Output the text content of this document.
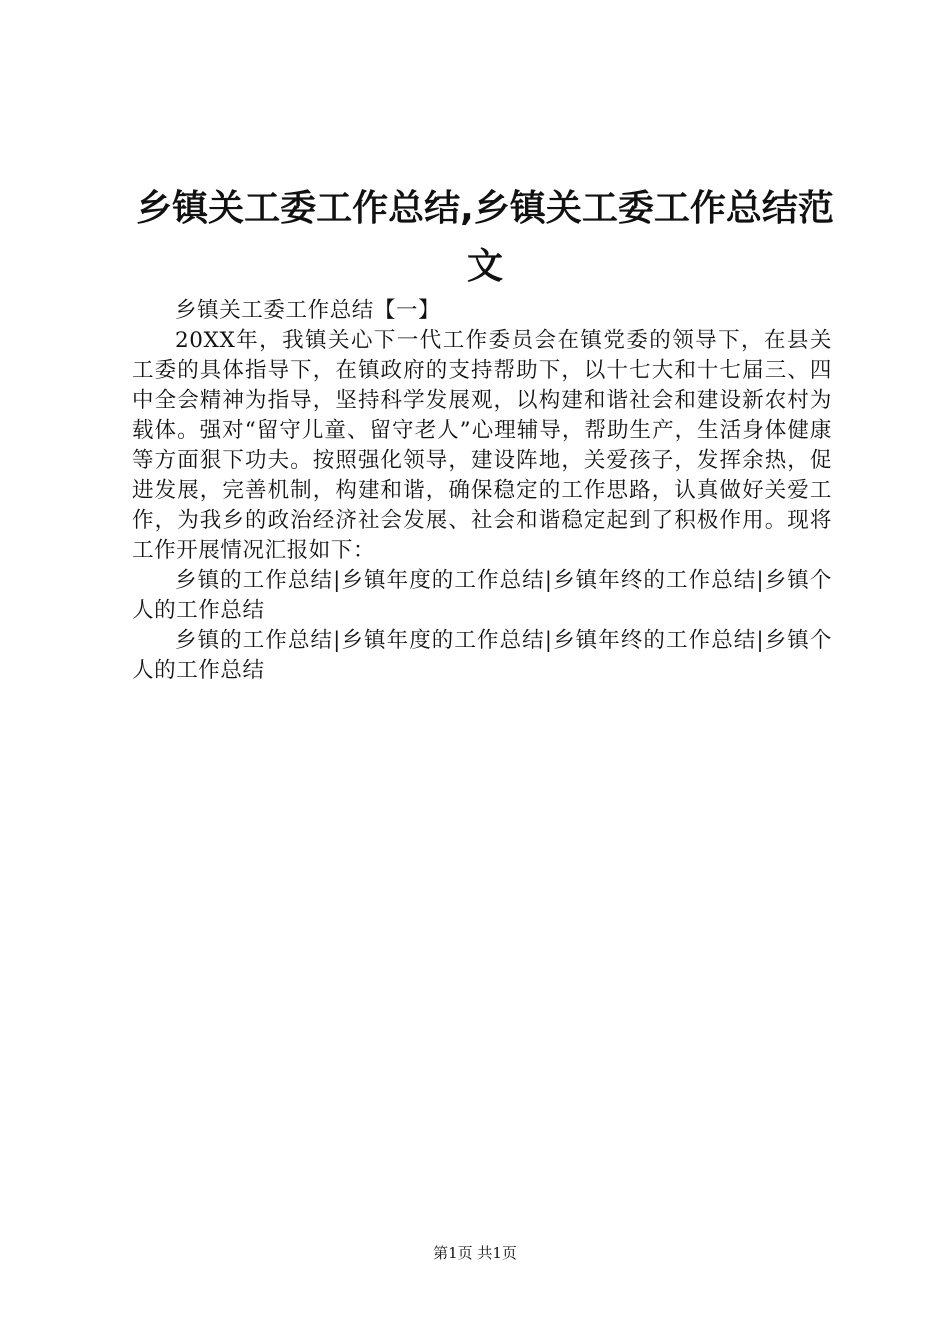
乡镇关工委工作总结,乡镇关工委工作总结范文

乡镇关工委工作总结【一】

20XX年，我镇关心下一代工作委员会在镇党委的领导下，在县关工委的具体指导下，在镇政府的支持帮助下，以十七大和十七届三、四中全会精神为指导，坚持科学发展观，以构建和谐社会和建设新农村为载体。强对“留守儿童、留守老人”心理辅导，帮助生产，生活身体健康等方面狠下功夫。按照强化领导，建设阵地，关爱孩子，发挥余热，促进发展，完善机制，构建和谐，确保稳定的工作思路，认真做好关爱工作，为我乡的政治经济社会发展、社会和谐稳定起到了积极作用。现将工作开展情况汇报如下：

乡镇的工作总结|乡镇年度的工作总结|乡镇年终的工作总结|乡镇个人的工作总结

乡镇的工作总结|乡镇年度的工作总结|乡镇年终的工作总结|乡镇个人的工作总结

第1页 共1页
